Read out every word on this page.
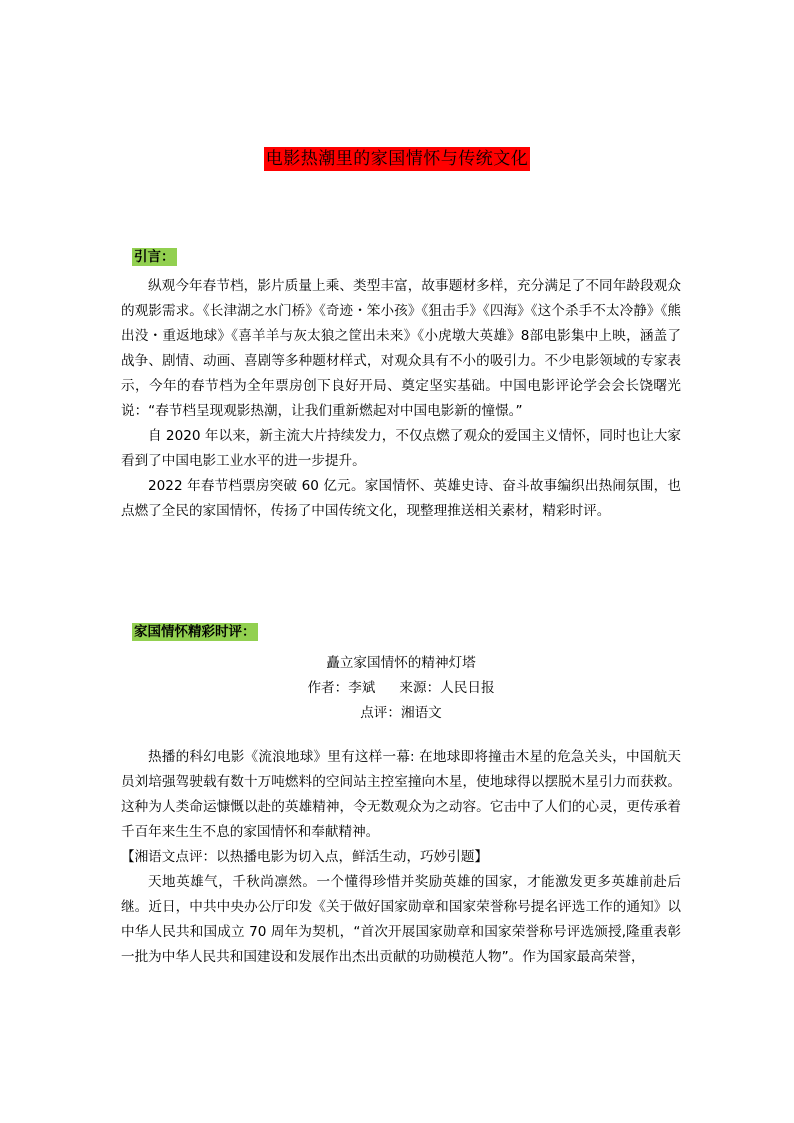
电影热潮里的家国情怀与传统文化
引言：

纵观今年春节档，影片质量上乘、类型丰富，故事题材多样，充分满足了不同年龄段观众的观影需求。《长津湖之水门桥》《奇迹・笨小孩》《狙击手》《四海》《这个杀手不太冷静》《熊出没・重返地球》《喜羊羊与灰太狼之筐出未来》《小虎墩大英雄》8部电影集中上映，涵盖了战争、剧情、动画、喜剧等多种题材样式，对观众具有不小的吸引力。不少电影领域的专家表示，今年的春节档为全年票房创下良好开局、奠定坚实基础。中国电影评论学会会长饶曙光说：“春节档呈现观影热潮，让我们重新燃起对中国电影新的憧憬。”

自 2020 年以来，新主流大片持续发力，不仅点燃了观众的爱国主义情怀，同时也让大家看到了中国电影工业水平的进一步提升。

2022 年春节档票房突破 60 亿元。家国情怀、英雄史诗、奋斗故事编织出热闹氛围，也点燃了全民的家国情怀，传扬了中国传统文化，现整理推送相关素材，精彩时评。

家国情怀精彩时评：
矗立家国情怀的精神灯塔
作者：李斌 来源：人民日报
点评：湘语文

热播的科幻电影《流浪地球》里有这样一幕: 在地球即将撞击木星的危急关头，中国航天员刘培强驾驶载有数十万吨燃料的空间站主控室撞向木星，使地球得以摆脱木星引力而获救。这种为人类命运慷慨以赴的英雄精神，令无数观众为之动容。它击中了人们的心灵，更传承着千百年来生生不息的家国情怀和奉献精神。

【湘语文点评：以热播电影为切入点，鲜活生动，巧妙引题】

天地英雄气，千秋尚凛然。一个懂得珍惜并奖励英雄的国家，才能激发更多英雄前赴后继。近日，中共中央办公厅印发《关于做好国家勋章和国家荣誉称号提名评选工作的通知》以中华人民共和国成立 70 周年为契机，“首次开展国家勋章和国家荣誉称号评选颁授,隆重表彰一批为中华人民共和国建设和发展作出杰出贡献的功勋模范人物”。作为国家最高荣誉，
